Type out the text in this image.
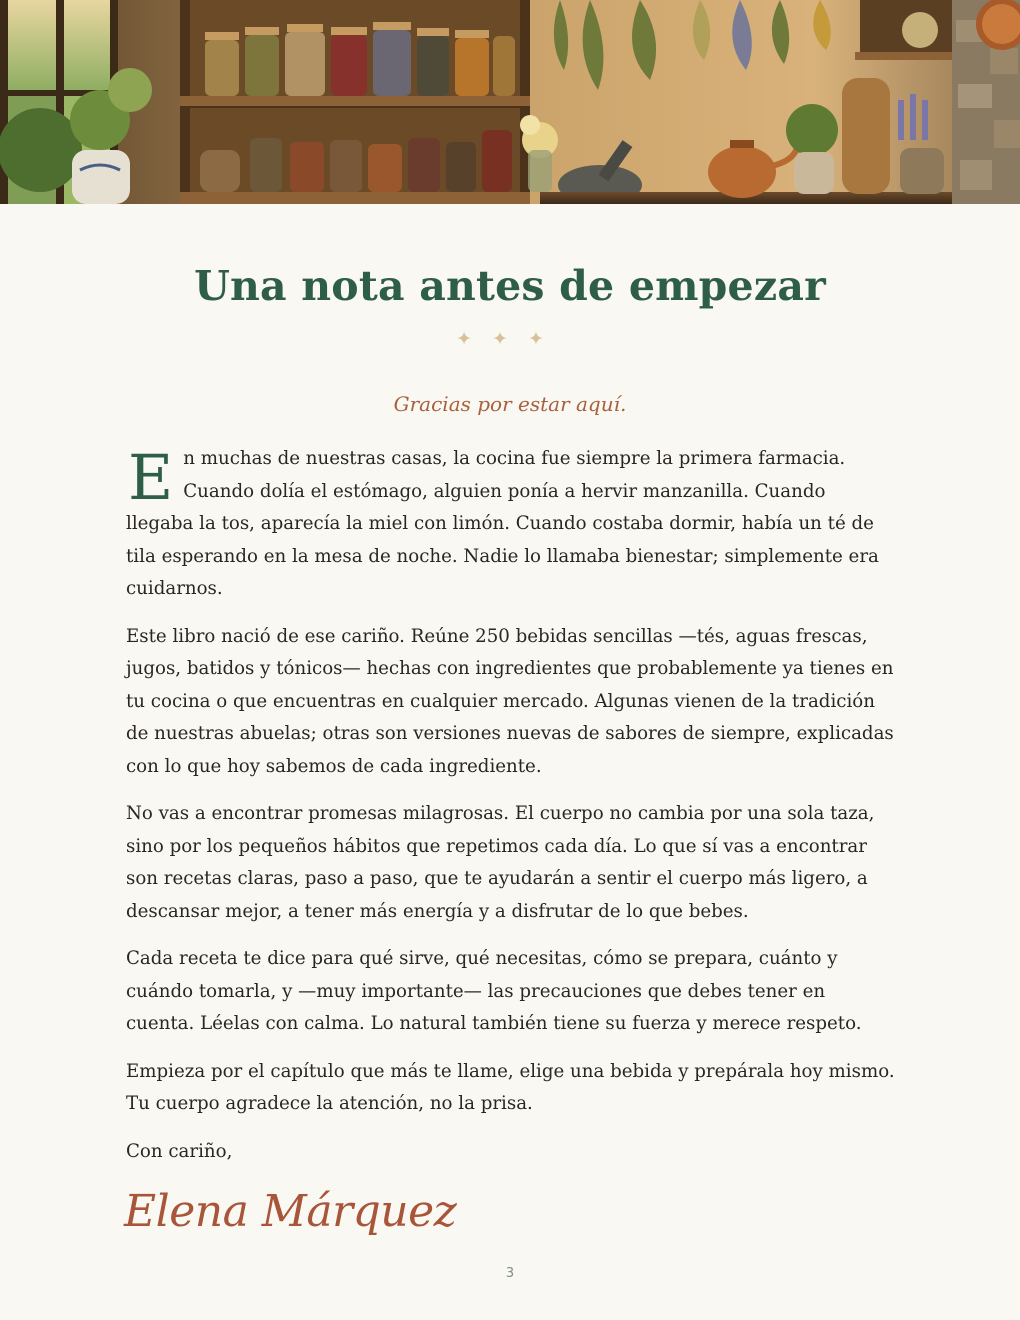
Una nota antes de empezar
✦✦✦
Gracias por estar aquí.

En muchas de nuestras casas, la cocina fue siempre la primera farmacia. Cuando dolía el estómago, alguien ponía a hervir manzanilla. Cuando llegaba la tos, aparecía la miel con limón. Cuando costaba dormir, había un té de tila esperando en la mesa de noche. Nadie lo llamaba bienestar; simplemente era cuidarnos.

Este libro nació de ese cariño. Reúne 250 bebidas sencillas —tés, aguas frescas, jugos, batidos y tónicos— hechas con ingredientes que probablemente ya tienes en tu cocina o que encuentras en cualquier mercado. Algunas vienen de la tradición de nuestras abuelas; otras son versiones nuevas de sabores de siempre, explicadas con lo que hoy sabemos de cada ingrediente.

No vas a encontrar promesas milagrosas. El cuerpo no cambia por una sola taza, sino por los pequeños hábitos que repetimos cada día. Lo que sí vas a encontrar son recetas claras, paso a paso, que te ayudarán a sentir el cuerpo más ligero, a descansar mejor, a tener más energía y a disfrutar de lo que bebes.

Cada receta te dice para qué sirve, qué necesitas, cómo se prepara, cuánto y cuándo tomarla, y —muy importante— las precauciones que debes tener en cuenta. Léelas con calma. Lo natural también tiene su fuerza y merece respeto.

Empieza por el capítulo que más te llame, elige una bebida y prepárala hoy mismo. Tu cuerpo agradece la atención, no la prisa.

Con cariño,

Elena Márquez
3
